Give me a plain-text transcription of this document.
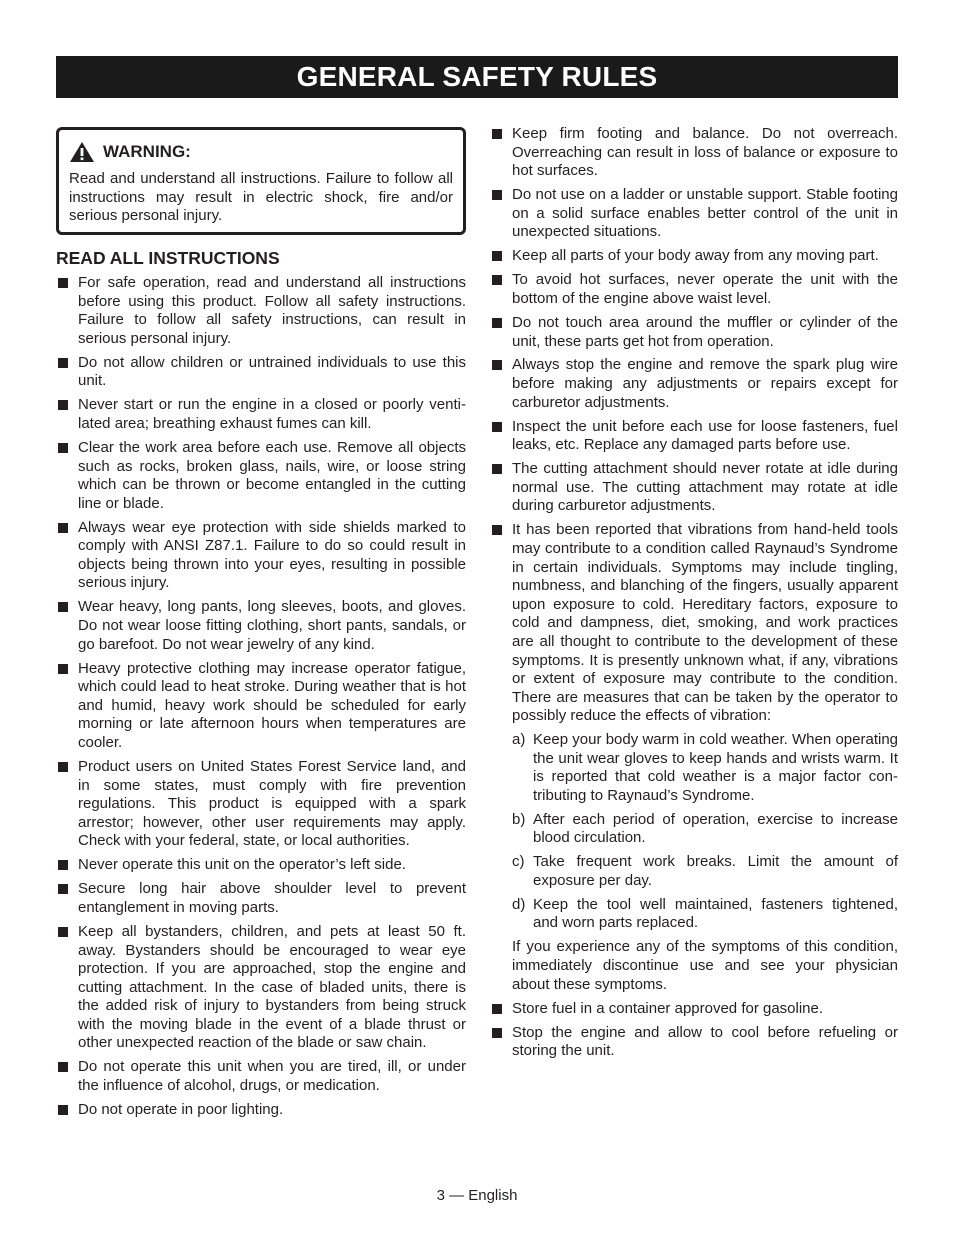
GENERAL SAFETY RULES
WARNING:

Read and understand all instructions. Failure to follow all instructions may result in electric shock, fire and/or serious personal injury.

READ ALL INSTRUCTIONS

For safe operation, read and understand all instructions before using this product. Follow all safety instructions. Failure to follow all safety instructions, can result in serious personal injury.

Do not allow children or untrained individuals to use this unit.

Never start or run the engine in a closed or poorly venti-lated area; breathing exhaust fumes can kill.

Clear the work area before each use. Remove all objects such as rocks, broken glass, nails, wire, or loose string which can be thrown or become entangled in the cutting line or blade.

Always wear eye protection with side shields marked to comply with ANSI Z87.1. Failure to do so could result in objects being thrown into your eyes, resulting in possible serious injury.

Wear heavy, long pants, long sleeves, boots, and gloves. Do not wear loose fitting clothing, short pants, sandals, or go barefoot. Do not wear jewelry of any kind.

Heavy protective clothing may increase operator fatigue, which could lead to heat stroke. During weather that is hot and humid, heavy work should be scheduled for early morning or late afternoon hours when temperatures are cooler.

Product users on United States Forest Service land, and in some states, must comply with fire prevention regulations. This product is equipped with a spark arrestor; however, other user requirements may apply. Check with your federal, state, or local authorities.

Never operate this unit on the operator’s left side.

Secure long hair above shoulder level to prevent entanglement in moving parts.

Keep all bystanders, children, and pets at least 50 ft. away. Bystanders should be encouraged to wear eye protection. If you are approached, stop the engine and cutting attachment. In the case of bladed units, there is the added risk of injury to bystanders from being struck with the moving blade in the event of a blade thrust or other unexpected reaction of the blade or saw chain.

Do not operate this unit when you are tired, ill, or under the influence of alcohol, drugs, or medication.

Do not operate in poor lighting.

Keep firm footing and balance. Do not overreach. Overreaching can result in loss of balance or exposure to hot surfaces.

Do not use on a ladder or unstable support. Stable footing on a solid surface enables better control of the unit in unexpected situations.

Keep all parts of your body away from any moving part.

To avoid hot surfaces, never operate the unit with the bottom of the engine above waist level.

Do not touch area around the muffler or cylinder of the unit, these parts get hot from operation.

Always stop the engine and remove the spark plug wire before making any adjustments or repairs except for carburetor adjustments.

Inspect the unit before each use for loose fasteners, fuel leaks, etc. Replace any damaged parts before use.

The cutting attachment should never rotate at idle during normal use. The cutting attachment may rotate at idle during carburetor adjustments.

It has been reported that vibrations from hand-held tools may contribute to a condition called Raynaud’s Syndrome in certain individuals. Symptoms may include tingling, numbness, and blanching of the fingers, usually apparent upon exposure to cold. Hereditary factors, exposure to cold and dampness, diet, smoking, and work practices are all thought to contribute to the development of these symptoms. It is presently unknown what, if any, vibrations or extent of exposure may contribute to the condition. There are measures that can be taken by the operator to possibly reduce the effects of vibration:

a) Keep your body warm in cold weather. When operating the unit wear gloves to keep hands and wrists warm. It is reported that cold weather is a major factor con-tributing to Raynaud’s Syndrome.

b) After each period of operation, exercise to increase blood circulation.

c) Take frequent work breaks. Limit the amount of exposure per day.

d) Keep the tool well maintained, fasteners tightened, and worn parts replaced.

If you experience any of the symptoms of this condition, immediately discontinue use and see your physician about these symptoms.

Store fuel in a container approved for gasoline.

Stop the engine and allow to cool before refueling or storing the unit.

3 — English
